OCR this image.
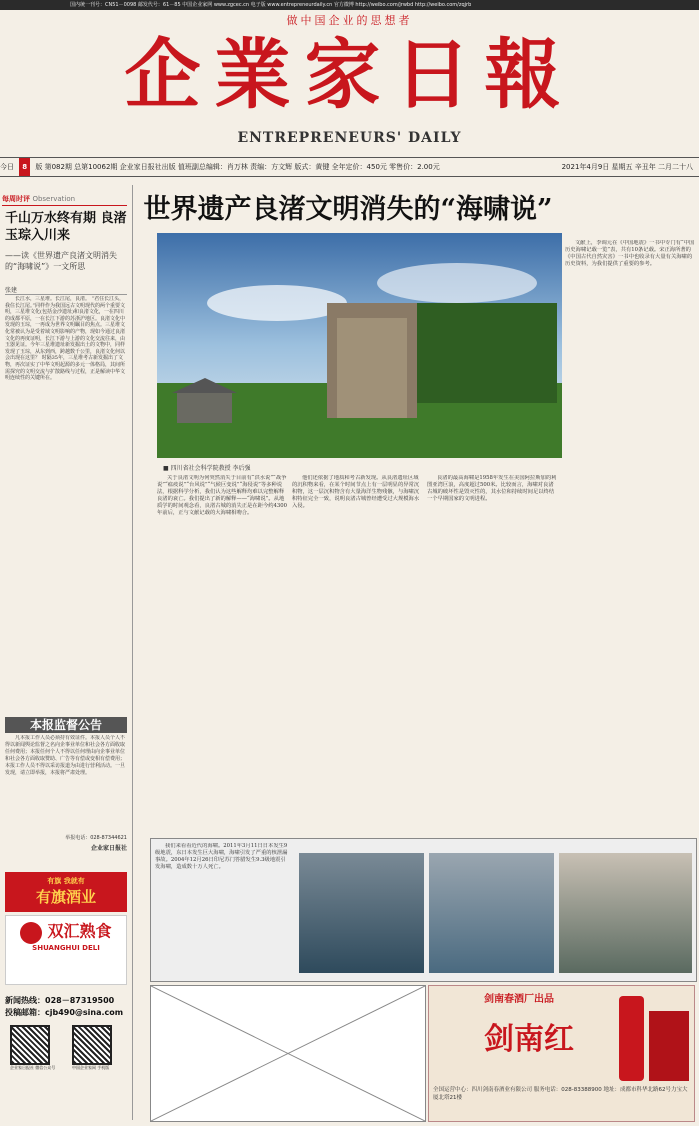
国内统一刊号：CN51－0098 邮发代号：61－85 中国企业家网 www.zgcec.cn 电子版 www.entrepreneurdaily.cn 官方微博 http://weibo.com/jrwbd http://weibo.com/zqjrb
做中国企业的思想者
企業家日報
ENTREPRENEURS' DAILY
今日 8 版 第082期 总第10062期 企业家日报社出版 值班副总编辑：肖万林 责编：方文辉 版式：黄键 全年定价：450元 零售价：2.00元	2021年4月9日 星期五 辛丑年 二月二十八
每周时评 Observation
千山万水终有期 良渚玉琮入川来
——读《世界遗产良渚文明消失的“海啸说”》一文所思
张建
长江水，三星堆。长江尾，良渚。 “君住长江头，我住长江尾。”同样作为我国远古文明现代的两个重要文明，三星堆文化(包括金沙遗址)和良渚文化，一在四川的成都平原，一在长江下游的苏浙沪地区。良渚文化中发现的玉琮，一再成为世界文明瞩目的焦点。三星堆文化常被认为是受着域文明影响的产物，现如今通过良渚文化的再度证明，长江下游与上游的文化交流往来，由玉器见证。今年三星堆遗址新发掘出土的文物中，同样发现了玉琮，从东到西，跨越数千公里，良渚文化何以会出现在这里？ 时隔35年，三星堆考古新发掘出了文物，再次证实了中华文明起源的多元一体格局，其间所需探究的文明交流与扩散路线与过程，正是解读中华文明连续性的关键所在。
本报监督公告
凡本报工作人员必须持有效证件。本报人员个人不得以新闻舆论监督之名向企事业单位和社会各方面收取任何费用；本报任何个人不得以任何理由向企事业单位和社会各方面收取赞助、广告等有偿或变相有偿费用；本报工作人员不得以采访报道为由进行营利活动。一旦发现，请立即举报，本报将严肃处理。
举报电话：028-87344621
企业家日报社
有旗 我就有
有旗酒业
双汇熟食
SHUANGHUI DELI
新闻热线：028－87319500
投稿邮箱：cjb490@sina.com
企业家日报社 微信公众号	中国企业家网 手机版
世界遗产良渚文明消失的“海啸说”
■ 四川省社会科学院教授 李后强

关于良渚文明为何突然消失于目前有“洪水说”“战争说”“瘟疫说”“台风说”“气候巨变说”“海侵说”等多种说法，根据科学分析，我们认为这些解释均难以完整解释良渚的衰亡。我们提出了新的解释——“海啸说”。从地质学的时间观念看，良渚古城的消失正是在距今约4300年前后，正与文献记载的大海啸相吻合。

他们还依据了地质和考古新发现。从良渚遗址区域的沉积物来看，在某个时间节点上有一层明显的异常沉积物，这一层沉积物含有大量海洋生物残骸，与海啸沉积特征完全一致，说明良渚古城曾经遭受过大规模海水入侵。

良渚的最高海啸是1958年发生在美国阿拉斯加的利图亚湾巨浪，高度超过500米。比较而言，海啸对良渚古城的破坏性是毁灭性的，其水位和持续时间足以终结一个早期国家的文明进程。

文献上，李调元在《中国地震》一书中专门有“中国历史海啸记载一览”表，共有10条记载。宋正海所著的《中国古代自然灾害》一书中也收录有大量有关海啸的历史资料，为我们提供了重要的参考。

我们来看看近代的海啸。2011年3月11日日本发生9级地震，东日本发生巨大海啸，海啸引发了严重的核泄漏事故。2004年12月26日印尼苏门答腊发生9.3级地震引发海啸，造成数十万人死亡。
剑南春酒厂出品
剑南红
全国运营中心：四川剑南春酒业有限公司 服务电话：028-83388900 地址：成都市科华北路62号力宝大厦北塔21楼
